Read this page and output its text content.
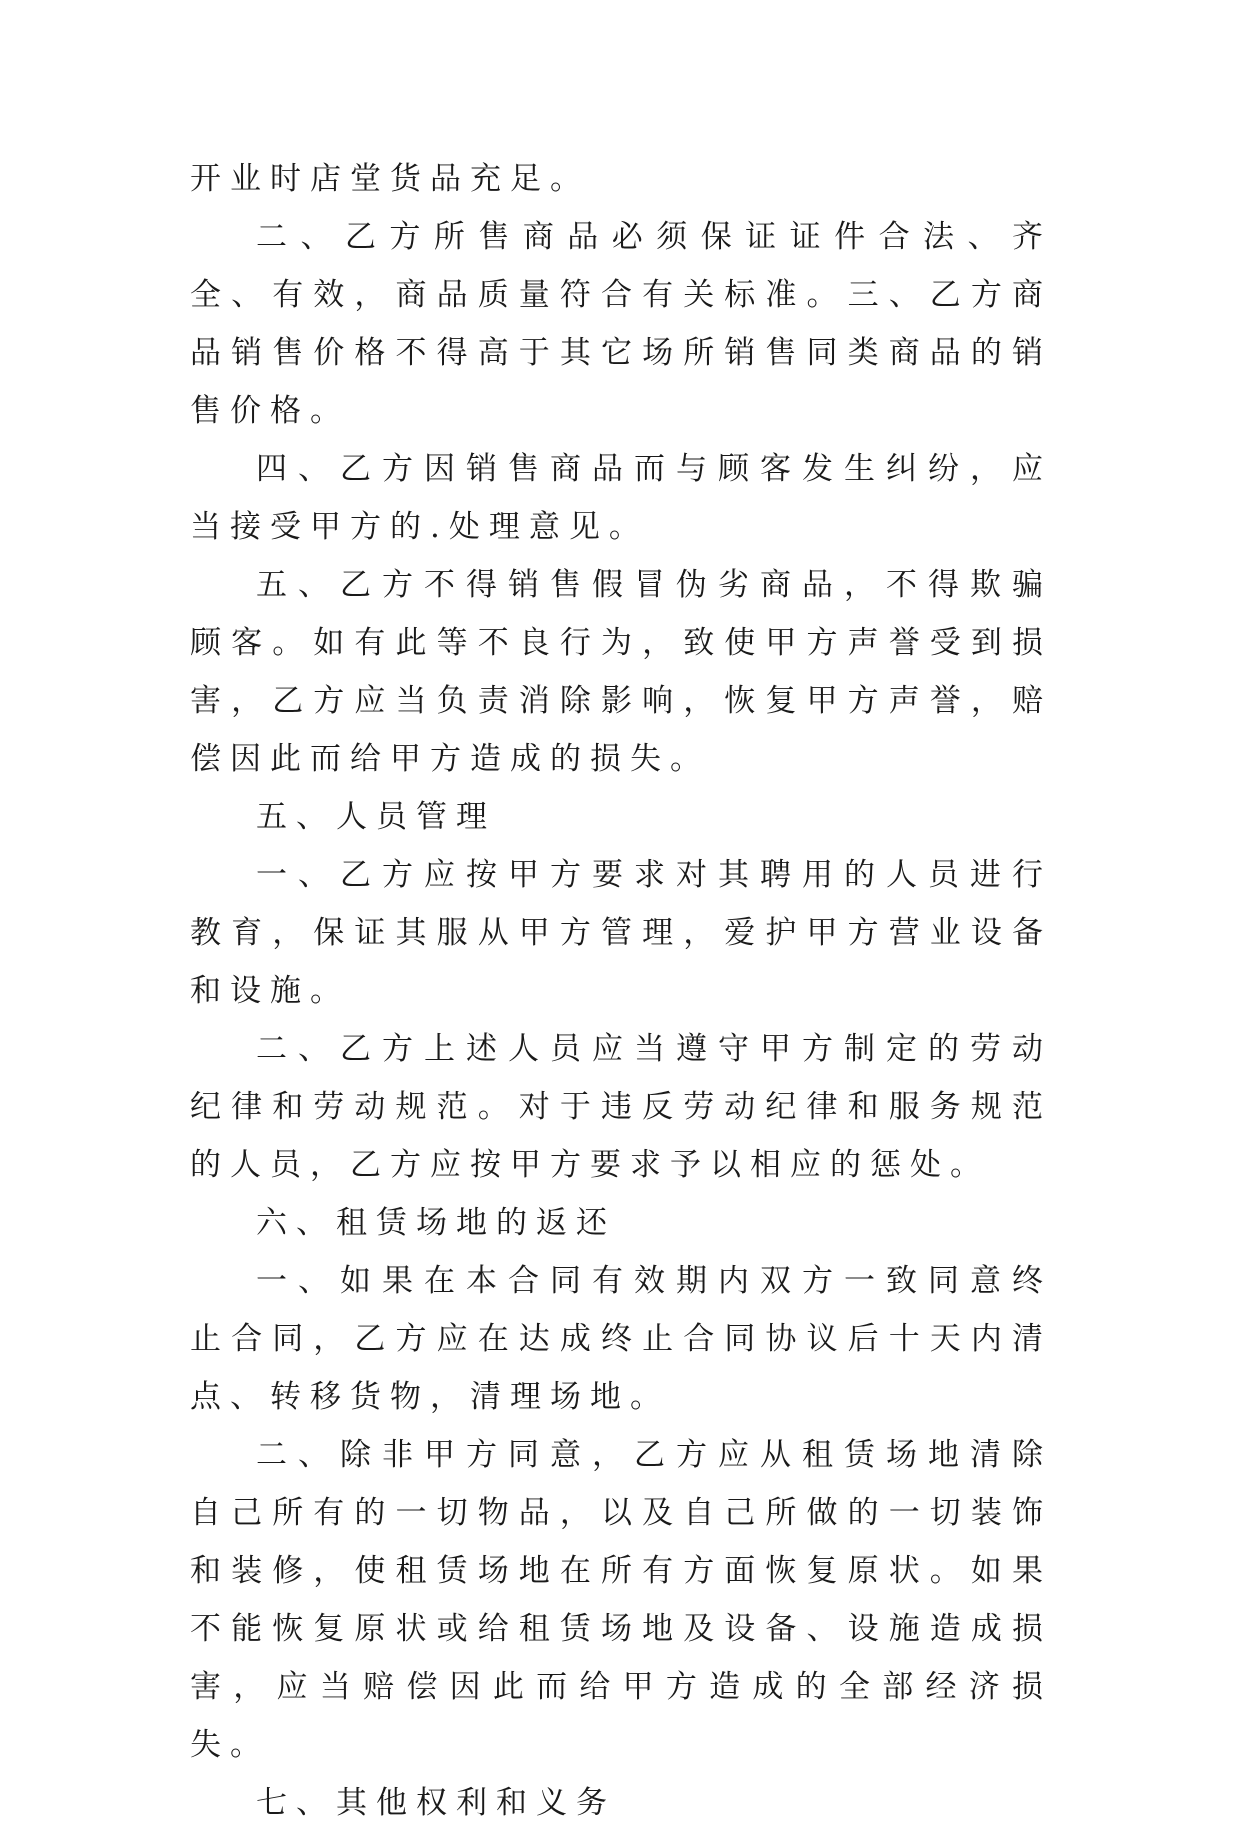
开业时店堂货品充足。

二、乙方所售商品必须保证证件合法、齐全、有效，商品质量符合有关标准。三、乙方商品销售价格不得高于其它场所销售同类商品的销售价格。

四、乙方因销售商品而与顾客发生纠纷，应当接受甲方的.处理意见。

五、乙方不得销售假冒伪劣商品，不得欺骗顾客。如有此等不良行为，致使甲方声誉受到损害，乙方应当负责消除影响，恢复甲方声誉，赔偿因此而给甲方造成的损失。

五、人员管理

一、乙方应按甲方要求对其聘用的人员进行教育，保证其服从甲方管理，爱护甲方营业设备和设施。

二、乙方上述人员应当遵守甲方制定的劳动纪律和劳动规范。对于违反劳动纪律和服务规范的人员，乙方应按甲方要求予以相应的惩处。

六、租赁场地的返还

一、如果在本合同有效期内双方一致同意终止合同，乙方应在达成终止合同协议后十天内清点、转移货物，清理场地。

二、除非甲方同意，乙方应从租赁场地清除自己所有的一切物品，以及自己所做的一切装饰和装修，使租赁场地在所有方面恢复原状。如果不能恢复原状或给租赁场地及设备、设施造成损害，应当赔偿因此而给甲方造成的全部经济损失。

七、其他权利和义务
